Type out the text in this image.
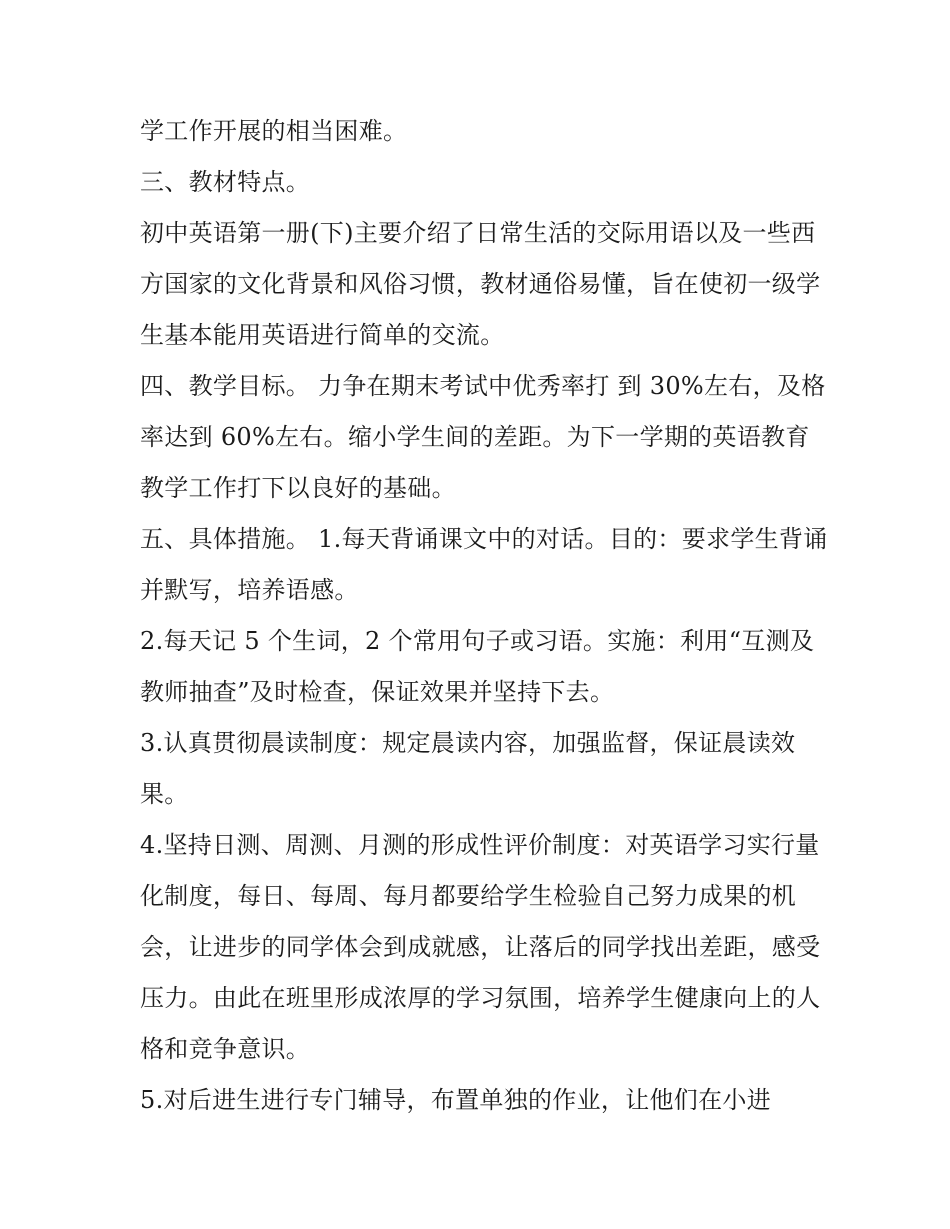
学工作开展的相当困难。

三、教材特点。

初中英语第一册(下)主要介绍了日常生活的交际用语以及一些西方国家的文化背景和风俗习惯，教材通俗易懂，旨在使初一级学生基本能用英语进行简单的交流。

四、教学目标。 力争在期末考试中优秀率打 到 30%左右，及格率达到 60%左右。缩小学生间的差距。为下一学期的英语教育教学工作打下以良好的基础。

五、具体措施。 1.每天背诵课文中的对话。目的：要求学生背诵并默写，培养语感。

2.每天记 5 个生词，2 个常用句子或习语。实施：利用“互测及教师抽查”及时检查，保证效果并坚持下去。

3.认真贯彻晨读制度：规定晨读内容，加强监督，保证晨读效果。

4.坚持日测、周测、月测的形成性评价制度：对英语学习实行量化制度，每日、每周、每月都要给学生检验自己努力成果的机会，让进步的同学体会到成就感，让落后的同学找出差距，感受压力。由此在班里形成浓厚的学习氛围，培养学生健康向上的人格和竞争意识。

5.对后进生进行专门辅导，布置单独的作业，让他们在小进
